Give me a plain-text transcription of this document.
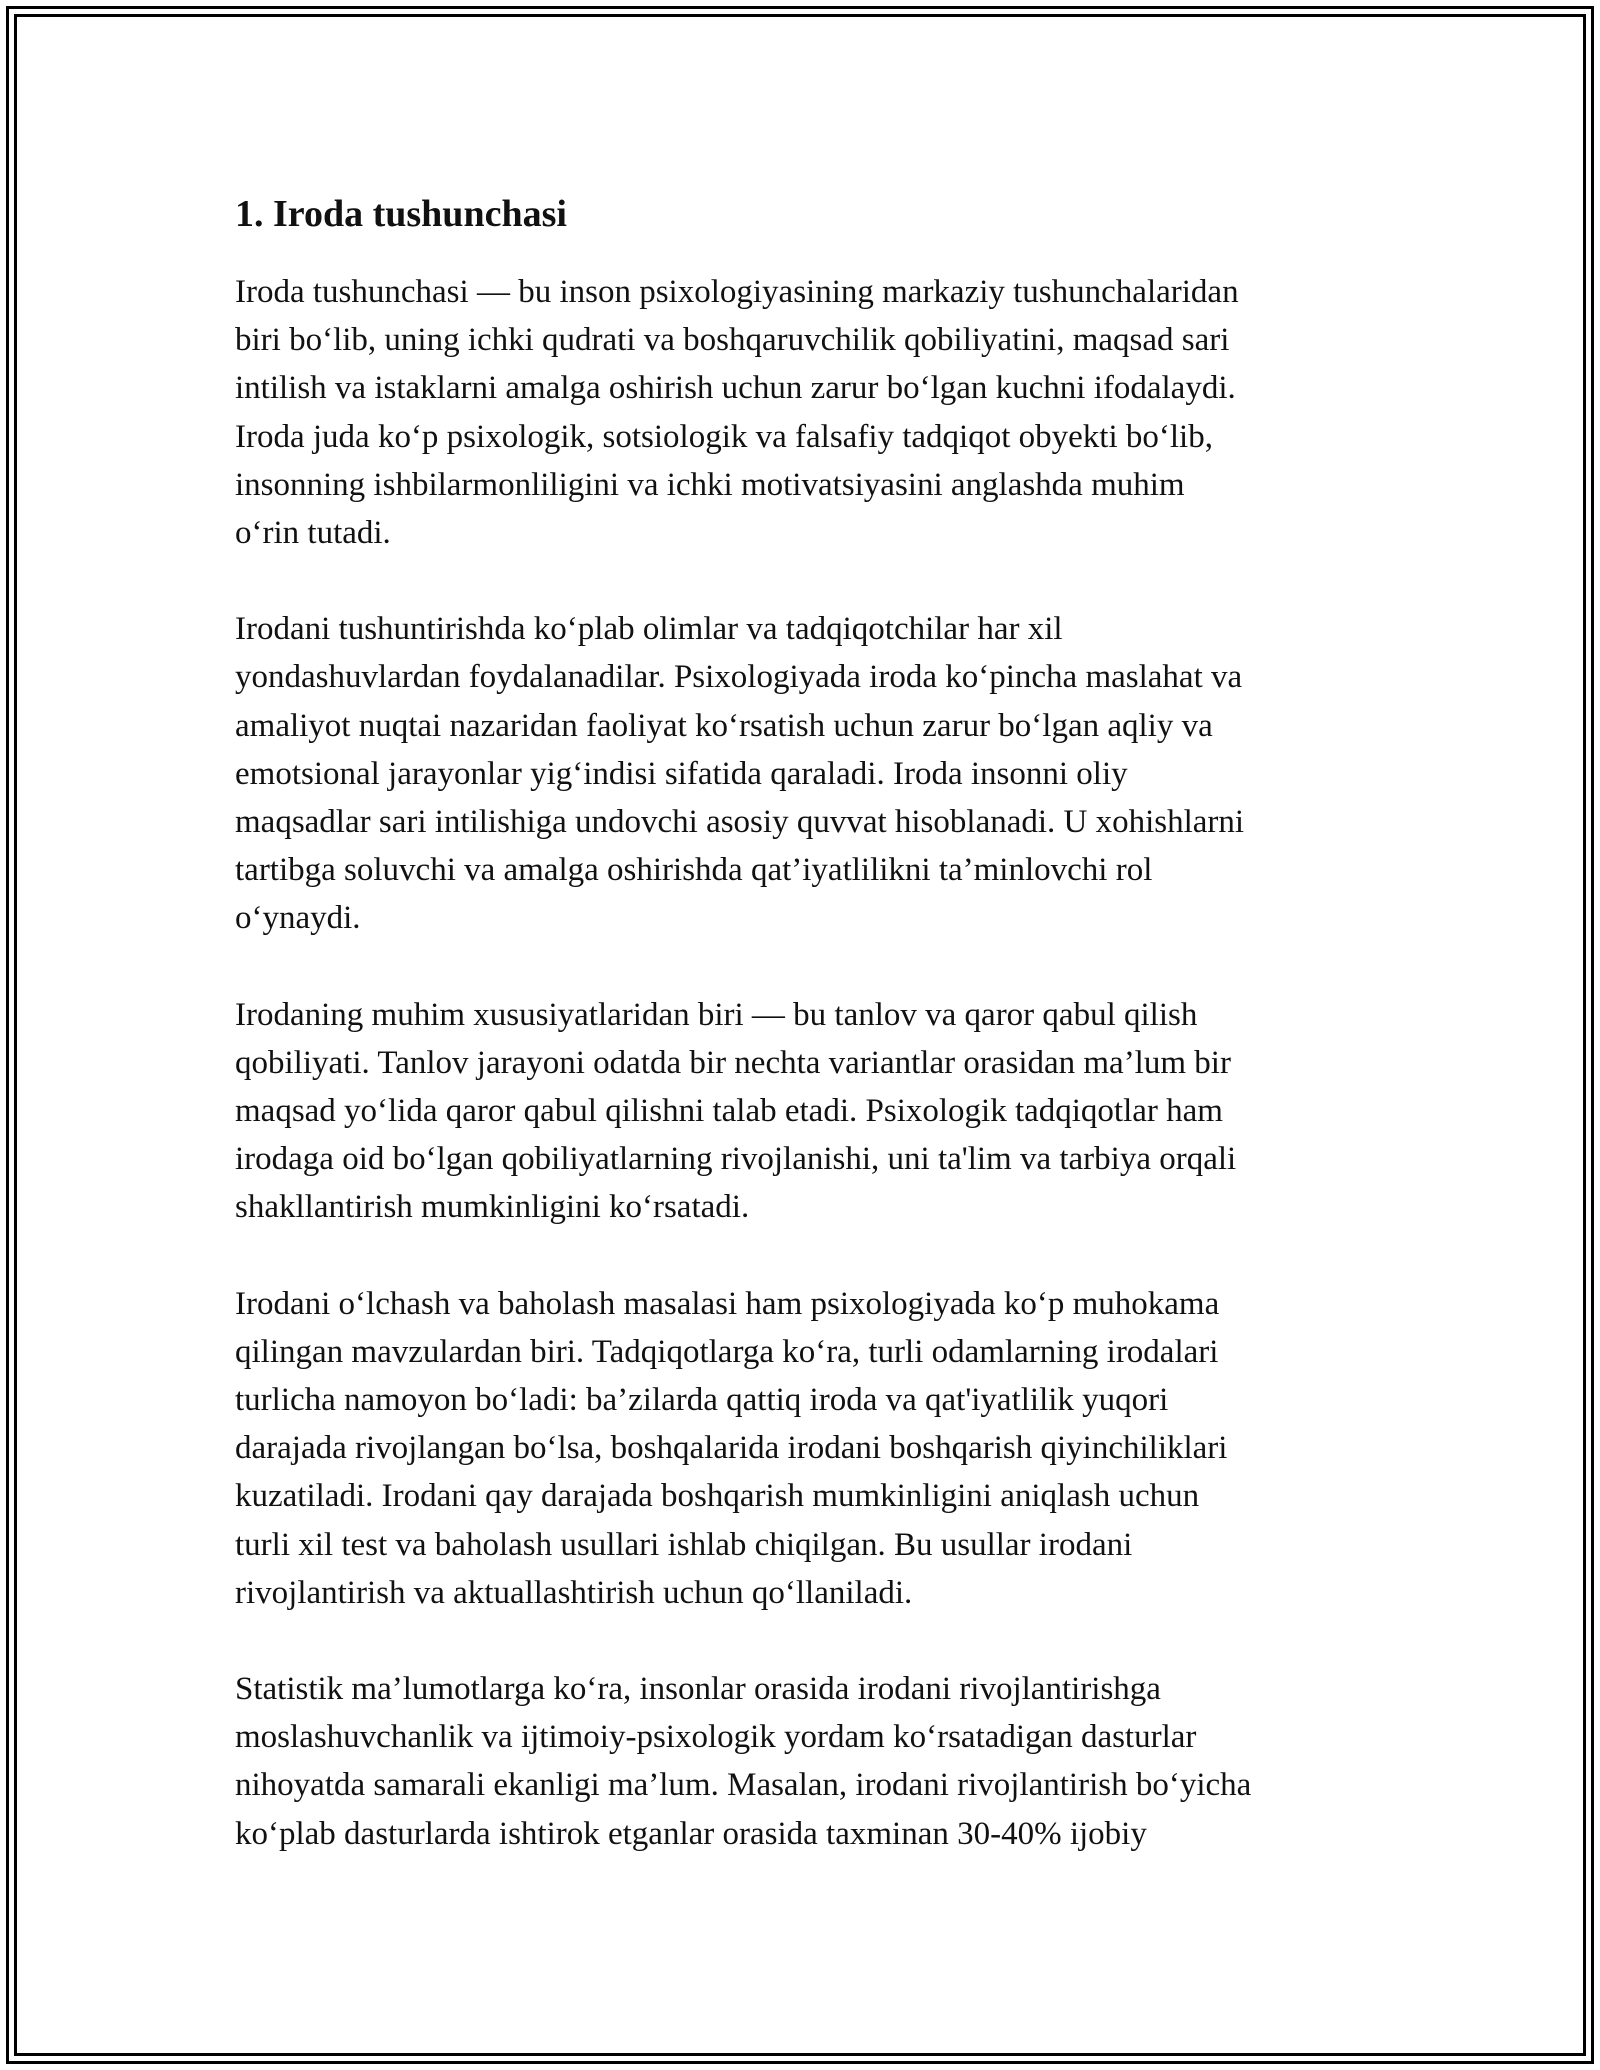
1. Iroda tushunchasi

Iroda tushunchasi — bu inson psixologiyasining markaziy tushunchalaridan
biri bo‘lib, uning ichki qudrati va boshqaruvchilik qobiliyatini, maqsad sari
intilish va istaklarni amalga oshirish uchun zarur bo‘lgan kuchni ifodalaydi.
Iroda juda ko‘p psixologik, sotsiologik va falsafiy tadqiqot obyekti bo‘lib,
insonning ishbilarmonliligini va ichki motivatsiyasini anglashda muhim
o‘rin tutadi.

Irodani tushuntirishda ko‘plab olimlar va tadqiqotchilar har xil
yondashuvlardan foydalanadilar. Psixologiyada iroda ko‘pincha maslahat va
amaliyot nuqtai nazaridan faoliyat ko‘rsatish uchun zarur bo‘lgan aqliy va
emotsional jarayonlar yig‘indisi sifatida qaraladi. Iroda insonni oliy
maqsadlar sari intilishiga undovchi asosiy quvvat hisoblanadi. U xohishlarni
tartibga soluvchi va amalga oshirishda qat’iyatlilikni ta’minlovchi rol
o‘ynaydi.

Irodaning muhim xususiyatlaridan biri — bu tanlov va qaror qabul qilish
qobiliyati. Tanlov jarayoni odatda bir nechta variantlar orasidan ma’lum bir
maqsad yo‘lida qaror qabul qilishni talab etadi. Psixologik tadqiqotlar ham
irodaga oid bo‘lgan qobiliyatlarning rivojlanishi, uni ta'lim va tarbiya orqali
shakllantirish mumkinligini ko‘rsatadi.

Irodani o‘lchash va baholash masalasi ham psixologiyada ko‘p muhokama
qilingan mavzulardan biri. Tadqiqotlarga ko‘ra, turli odamlarning irodalari
turlicha namoyon bo‘ladi: ba’zilarda qattiq iroda va qat'iyatlilik yuqori
darajada rivojlangan bo‘lsa, boshqalarida irodani boshqarish qiyinchiliklari
kuzatiladi. Irodani qay darajada boshqarish mumkinligini aniqlash uchun
turli xil test va baholash usullari ishlab chiqilgan. Bu usullar irodani
rivojlantirish va aktuallashtirish uchun qo‘llaniladi.

Statistik ma’lumotlarga ko‘ra, insonlar orasida irodani rivojlantirishga
moslashuvchanlik va ijtimoiy-psixologik yordam ko‘rsatadigan dasturlar
nihoyatda samarali ekanligi ma’lum. Masalan, irodani rivojlantirish bo‘yicha
ko‘plab dasturlarda ishtirok etganlar orasida taxminan 30-40% ijobiy
